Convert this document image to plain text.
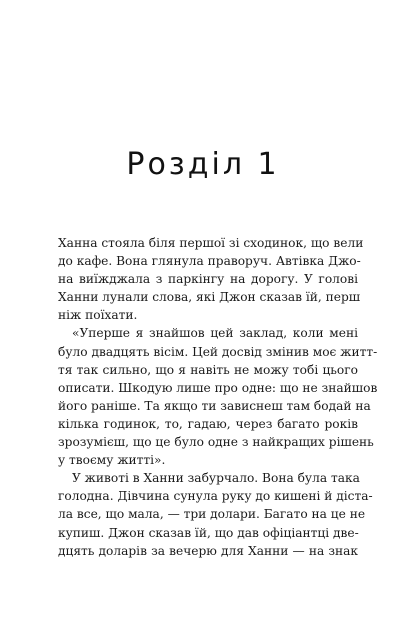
Розділ 1

Ханна стояла біля першої зі сходинок, що вели
до кафе. Вона глянула праворуч. Автівка Джо-
на виїжджала з паркінгу на дорогу. У голові
Ханни лунали слова, які Джон сказав їй, перш
ніж поїхати.

«Уперше я знайшов цей заклад, коли мені
було двадцять вісім. Цей досвід змінив моє житт-
тя так сильно, що я навіть не можу тобі цього
описати. Шкодую лише про одне: що не знайшов
його раніше. Та якщо ти зависнеш там бодай на
кілька годинок, то, гадаю, через багато років
зрозумієш, що це було одне з найкращих рішень
у твоєму житті».

У животі в Ханни забурчало. Вона була така
голодна. Дівчина сунула руку до кишені й діста-
ла все, що мала, — три долари. Багато на це не
купиш. Джон сказав їй, що дав офіціантці две-
дцять доларів за вечерю для Ханни — на знак
